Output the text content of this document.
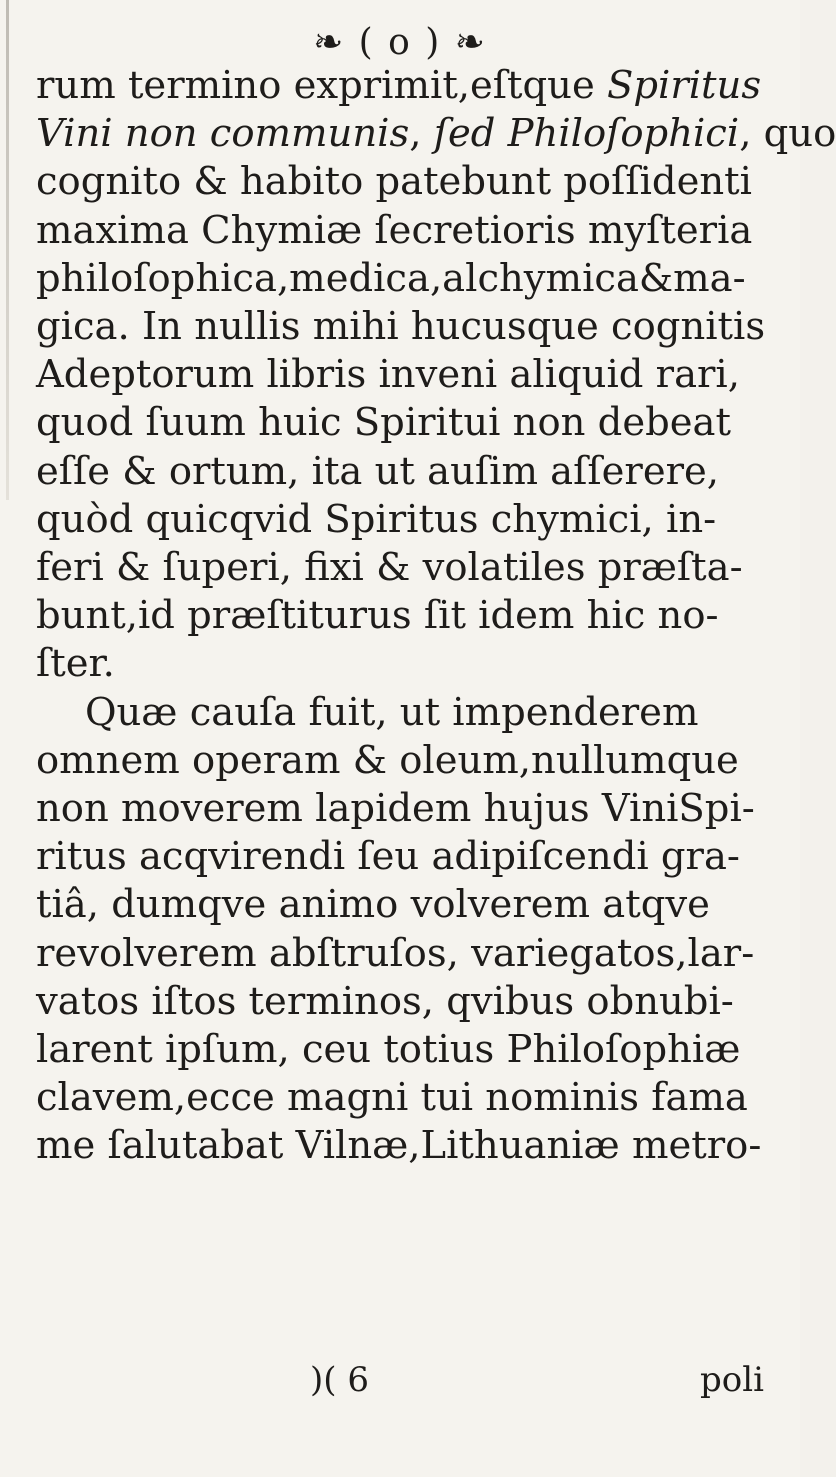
❧ ( o ) ❧
rum termino exprimit,eſtque Spiritus
Vini non communis, ſed Philoſophici, quo
cognito & habito patebunt poſſidenti
maxima Chymiæ ſecretioris myſteria
philoſophica,medica,alchymica&ma-
gica. In nullis mihi hucusque cognitis
Adeptorum libris inveni aliquid rari,
quod ſuum huic Spiritui non debeat
eſſe & ortum, ita ut auſim aſſerere,
quòd quicqvid Spiritus chymici, in-
feri & ſuperi, fixi & volatiles præſta-
bunt,id præſtiturus ſit idem hic no-
ſter.
Quæ cauſa fuit, ut impenderem
omnem operam & oleum,nullumque
non moverem lapidem hujus ViniSpi-
ritus acqvirendi ſeu adipiſcendi gra-
tiâ, dumqve animo volverem atqve
revolverem abſtruſos, variegatos,lar-
vatos iſtos terminos, qvibus obnubi-
larent ipſum, ceu totius Philoſophiæ
clavem,ecce magni tui nominis fama
me ſalutabat Vilnæ,Lithuaniæ metro-
)( 6	poli
